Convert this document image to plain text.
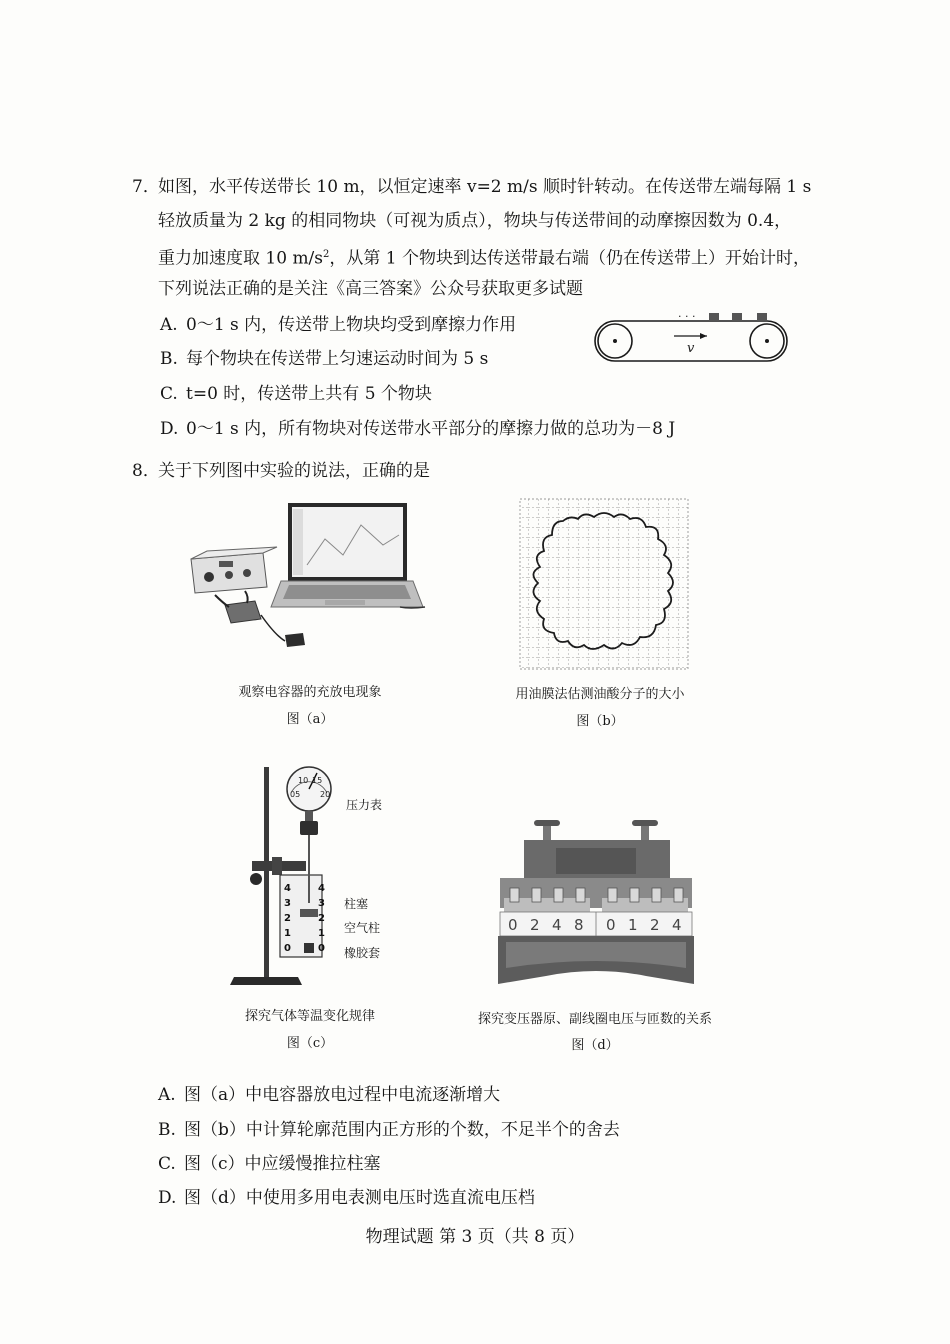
7．
如图，水平传送带长 10 m，以恒定速率 v=2 m/s 顺时针转动。在传送带左端每隔 1 s
轻放质量为 2 kg 的相同物块（可视为质点），物块与传送带间的动摩擦因数为 0.4，
重力加速度取 10 $m/s^2$，从第 1 个物块到达传送带最右端（仍在传送带上）开始计时，
下列说法正确的是关注《高三答案》公众号获取更多试题
A. 0～1 s 内，传送带上物块均受到摩擦力作用
B. 每个物块在传送带上匀速运动时间为 5 s
C. t=0 时，传送带上共有 5 个物块
D. 0～1 s 内，所有物块对传送带水平部分的摩擦力做的总功为－8 J
· · ·
v
8．
关于下列图中实验的说法，正确的是
观察电容器的充放电现象
图（a）
用油膜法估测油酸分子的大小
图（b）
05
10 15
20
4
3
2
1
0
4
3
2
1
0
压力表
柱塞
空气柱
橡胶套
探究气体等温变化规律
图（c）
0 2 4 8 0 1 2 4
探究变压器原、副线圈电压与匝数的关系
图（d）
A. 图（a）中电容器放电过程中电流逐渐增大
B. 图（b）中计算轮廓范围内正方形的个数，不足半个的舍去
C. 图（c）中应缓慢推拉柱塞
D. 图（d）中使用多用电表测电压时选直流电压档
物理试题 第 3 页（共 8 页）
